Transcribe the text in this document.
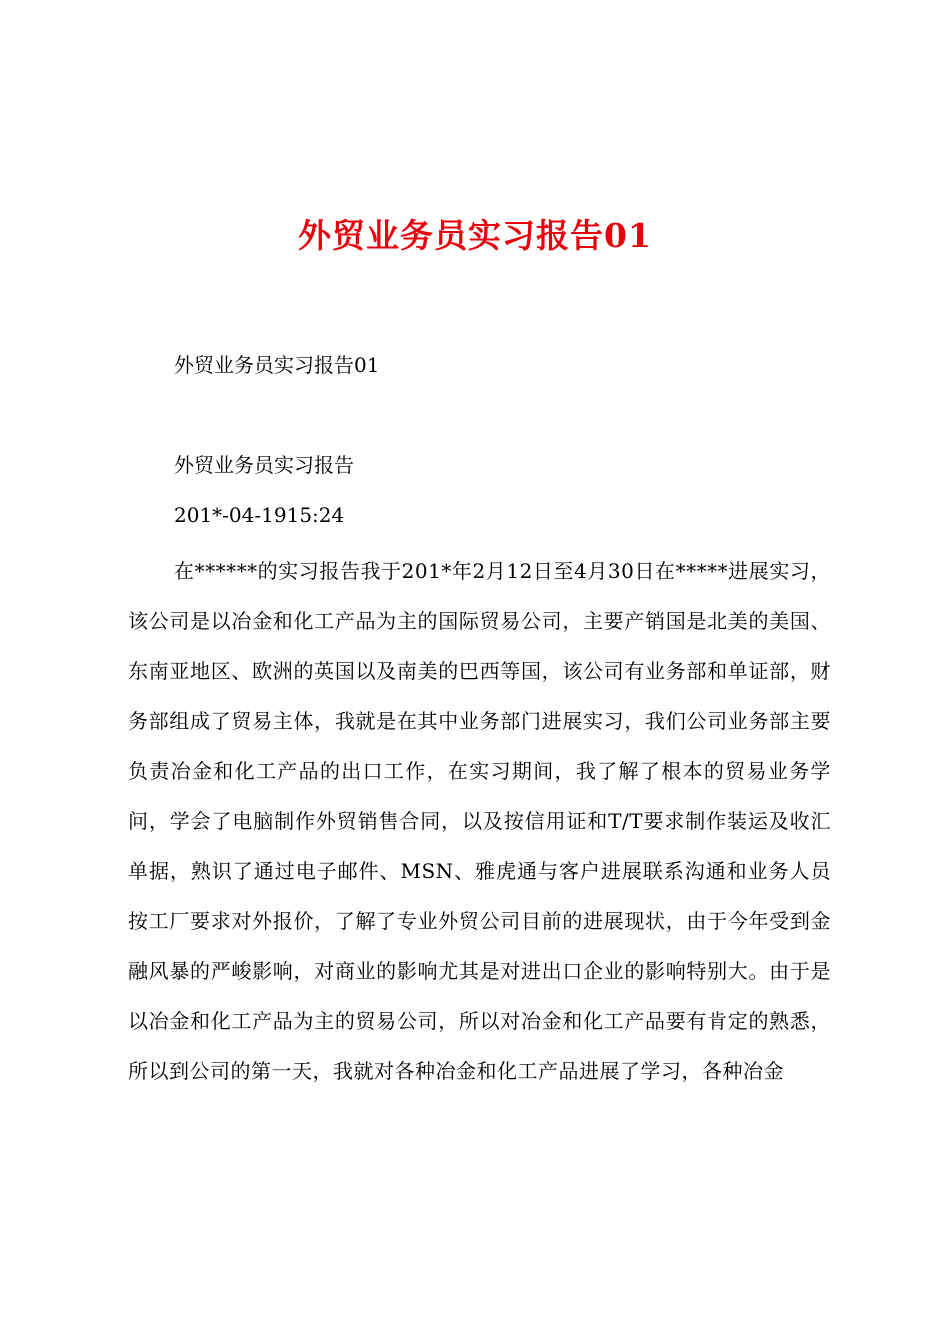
外贸业务员实习报告01
外贸业务员实习报告01
外贸业务员实习报告
201*-04-1915:24
在******的实习报告我于201*年2月12日至4月30日在*****进展实习，该公司是以冶金和化工产品为主的国际贸易公司，主要产销国是北美的美国、东南亚地区、欧洲的英国以及南美的巴西等国，该公司有业务部和单证部，财务部组成了贸易主体，我就是在其中业务部门进展实习，我们公司业务部主要负责冶金和化工产品的出口工作，在实习期间，我了解了根本的贸易业务学问，学会了电脑制作外贸销售合同，以及按信用证和T/T要求制作装运及收汇单据，熟识了通过电子邮件、MSN、雅虎通与客户进展联系沟通和业务人员按工厂要求对外报价，了解了专业外贸公司目前的进展现状，由于今年受到金融风暴的严峻影响，对商业的影响尤其是对进出口企业的影响特别大。由于是以冶金和化工产品为主的贸易公司，所以对冶金和化工产品要有肯定的熟悉，所以到公司的第一天，我就对各种冶金和化工产品进展了学习，各种冶金
